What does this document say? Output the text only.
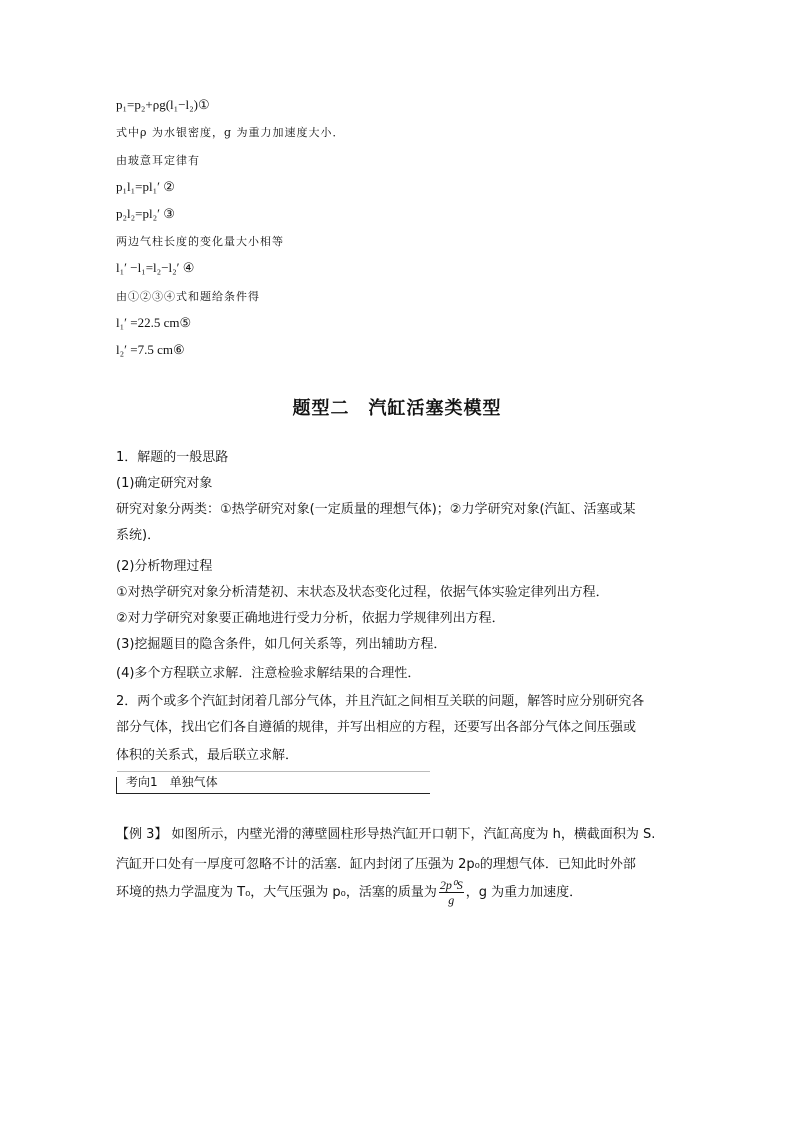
p₁=p₂+ρg(l₁−l₂)①
式中ρ 为水银密度，g 为重力加速度大小．
由玻意耳定律有
p₁l₁=pl₁′ ②
p₂l₂=pl₂′ ③
两边气柱长度的变化量大小相等
l₁′ −l₁=l₂−l₂′ ④
由①②③④式和题给条件得
l₁′ =22.5 cm⑤
l₂′ =7.5 cm⑥
题型二　汽缸活塞类模型
1．解题的一般思路
(1)确定研究对象
研究对象分两类：①热学研究对象(一定质量的理想气体)；②力学研究对象(汽缸、活塞或某
系统)．
(2)分析物理过程
①对热学研究对象分析清楚初、末状态及状态变化过程，依据气体实验定律列出方程．
②对力学研究对象要正确地进行受力分析，依据力学规律列出方程．
(3)挖掘题目的隐含条件，如几何关系等，列出辅助方程．
(4)多个方程联立求解．注意检验求解结果的合理性．
2．两个或多个汽缸封闭着几部分气体，并且汽缸之间相互关联的问题，解答时应分别研究各
部分气体，找出它们各自遵循的规律，并写出相应的方程，还要写出各部分气体之间压强或
体积的关系式，最后联立求解．
考向1　单独气体
【例 3】 如图所示，内壁光滑的薄壁圆柱形导热汽缸开口朝下，汽缸高度为 h，横截面积为 S.
汽缸开口处有一厚度可忽略不计的活塞．缸内封闭了压强为 2p₀的理想气体．已知此时外部
环境的热力学温度为 T₀，大气压强为 p₀，活塞的质量为 $\frac{\text{2p⁰S}}{g}$ ，g 为重力加速度．
